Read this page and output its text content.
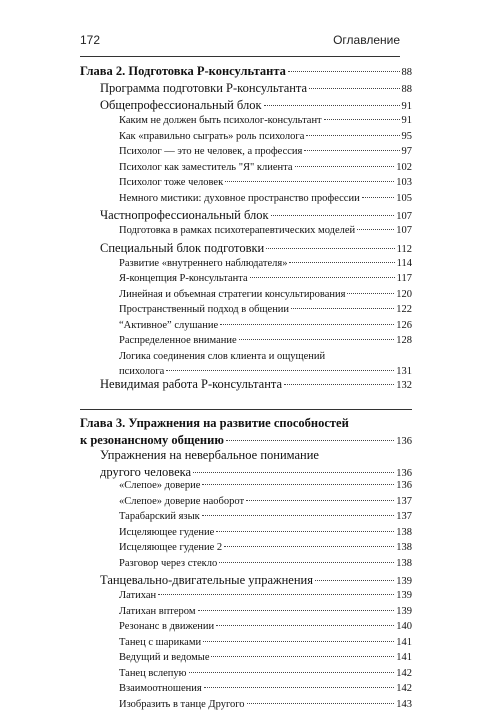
172	Оглавление
Глава 2. Подготовка Р-консультанта	88
Программа подготовки Р-консультанта	88
Общепрофессиональный блок	91
Каким не должен быть психолог-консультант	91
Как «правильно сыграть» роль психолога	95
Психолог — это не человек, а профессия	97
Психолог как заместитель "Я" клиента	102
Психолог тоже человек	103
Немного мистики: духовное пространство профессии	105
Частнопрофессиональный блок	107
Подготовка в рамках психотерапевтических моделей	107
Специальный блок подготовки	112
Развитие «внутреннего наблюдателя»	114
Я-концепция Р-консультанта	117
Линейная и объемная стратегии консультирования	120
Пространственный подход в общении	122
“Активное” слушание	126
Распределенное внимание	128
Логика соединения слов клиента и ощущений
психолога	131
Невидимая работа Р-консультанта	132
Глава 3. Упражнения на развитие способностей
к резонансному общению	136
Упражнения на невербальное понимание
другого человека	136
«Слепое» доверие	136
«Слепое» доверие наоборот	137
Тарабарский язык	137
Исцеляющее гудение	138
Исцеляющее гудение 2	138
Разговор через стекло	138
Танцевально-двигательные упражнения	139
Латихан	139
Латихан вптером	139
Резонанс в движении	140
Танец с шариками	141
Ведущий и ведомые	141
Танец вслепую	142
Взаимоотношения	142
Изобразить в танце Другого	143
